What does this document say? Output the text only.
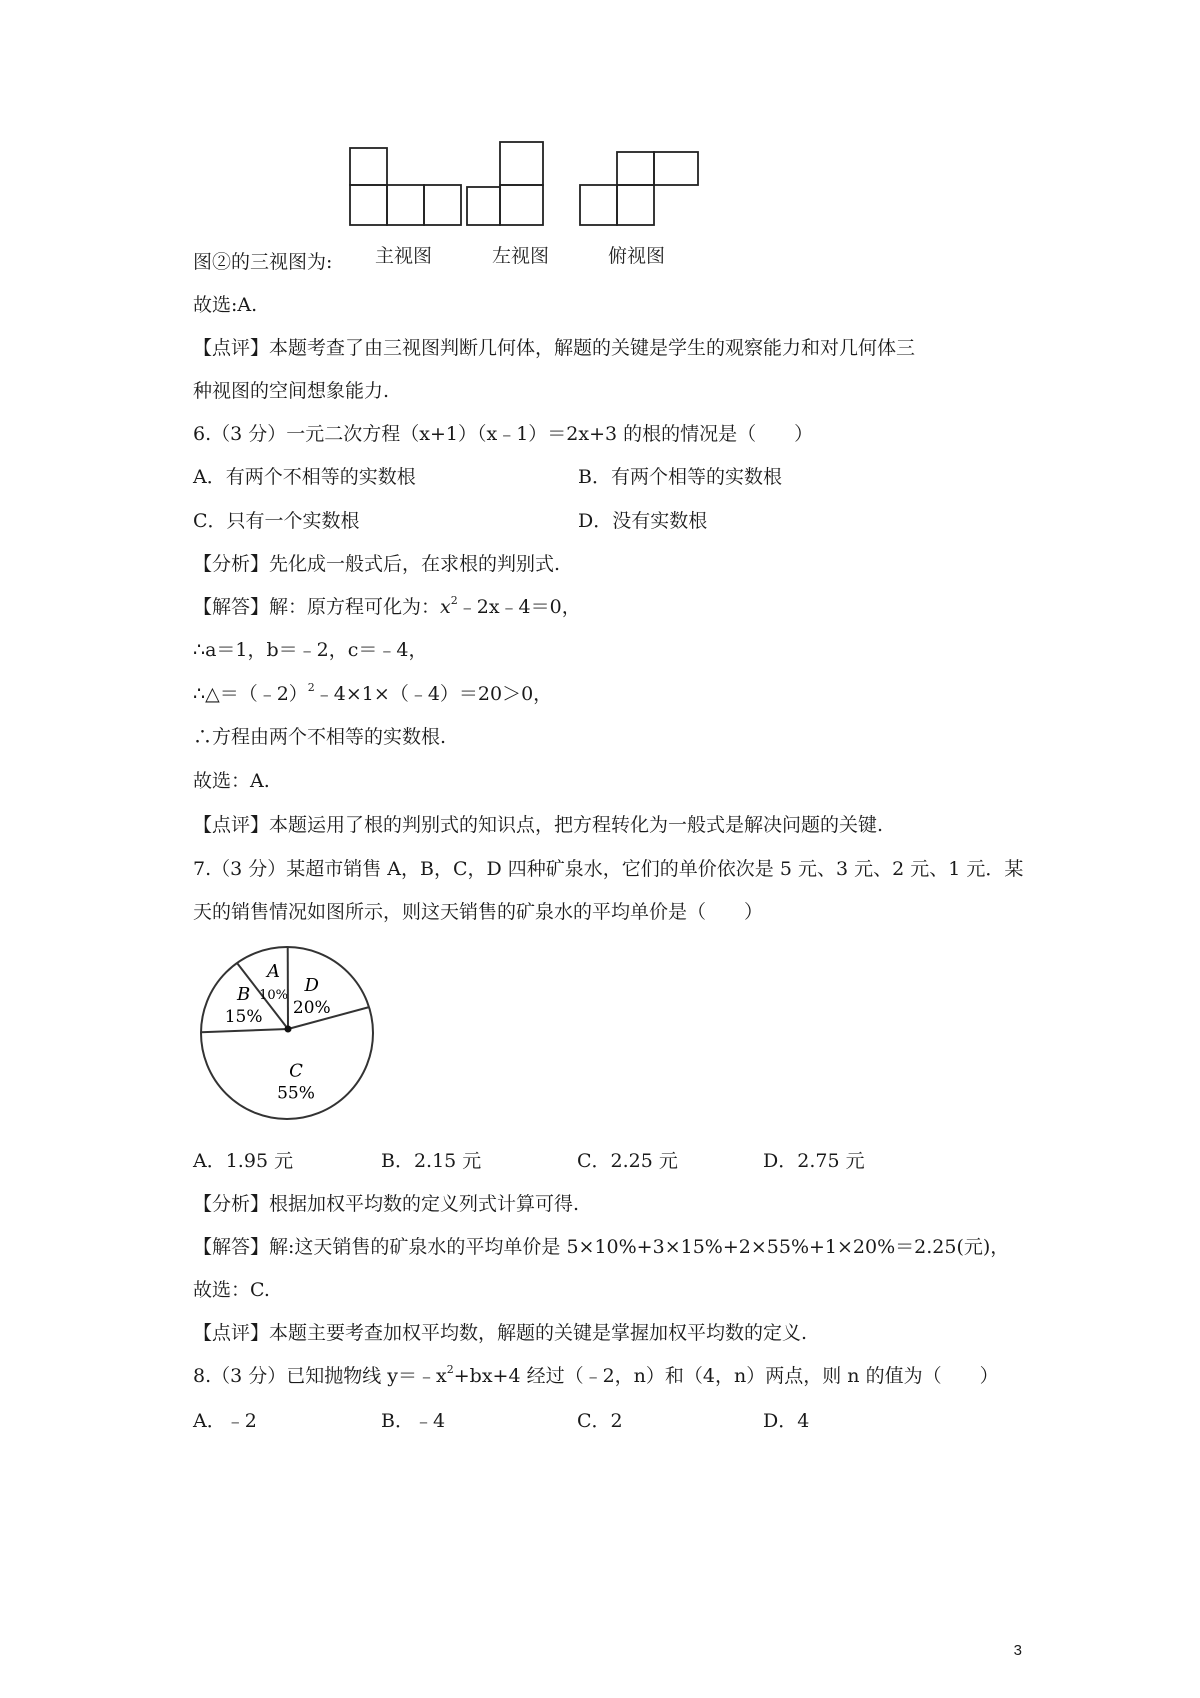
主视图	左视图	俯视图
图②的三视图为:
故选:A.
【点评】本题考查了由三视图判断几何体，解题的关键是学生的观察能力和对几何体三
种视图的空间想象能力.
6.（3 分）一元二次方程（x+1）（x﹣1）＝2x+3 的根的情况是（　　）
A．有两个不相等的实数根	B．有两个相等的实数根
C．只有一个实数根	D．没有实数根
【分析】先化成一般式后，在求根的判别式.
【解答】解：原方程可化为：$x^2﹣2x﹣4=0$，
∴a＝1，b＝﹣2，c＝﹣4，
∴△＝（﹣2）$^2$﹣4×1×（﹣4）＝20＞0，
∴方程由两个不相等的实数根.
故选：A.
【点评】本题运用了根的判别式的知识点，把方程转化为一般式是解决问题的关键.
7.（3 分）某超市销售 A，B，C，D 四种矿泉水，它们的单价依次是 5 元、3 元、2 元、1 元．某
天的销售情况如图所示，则这天销售的矿泉水的平均单价是（　　）
A
10% D
20%
C
55%
B
15%
A．1.95 元	B．2.15 元	C．2.25 元	D．2.75 元
【分析】根据加权平均数的定义列式计算可得.
【解答】解:这天销售的矿泉水的平均单价是 5×10%+3×15%+2×55%+1×20%＝2.25(元)，
故选：C.
【点评】本题主要考查加权平均数，解题的关键是掌握加权平均数的定义.
8.（3 分）已知抛物线 $y=﹣x^2+bx+4$ 经过（﹣2，n）和（4，n）两点，则 n 的值为（　　）
A．﹣2	B．﹣4	C．2	D．4
3
